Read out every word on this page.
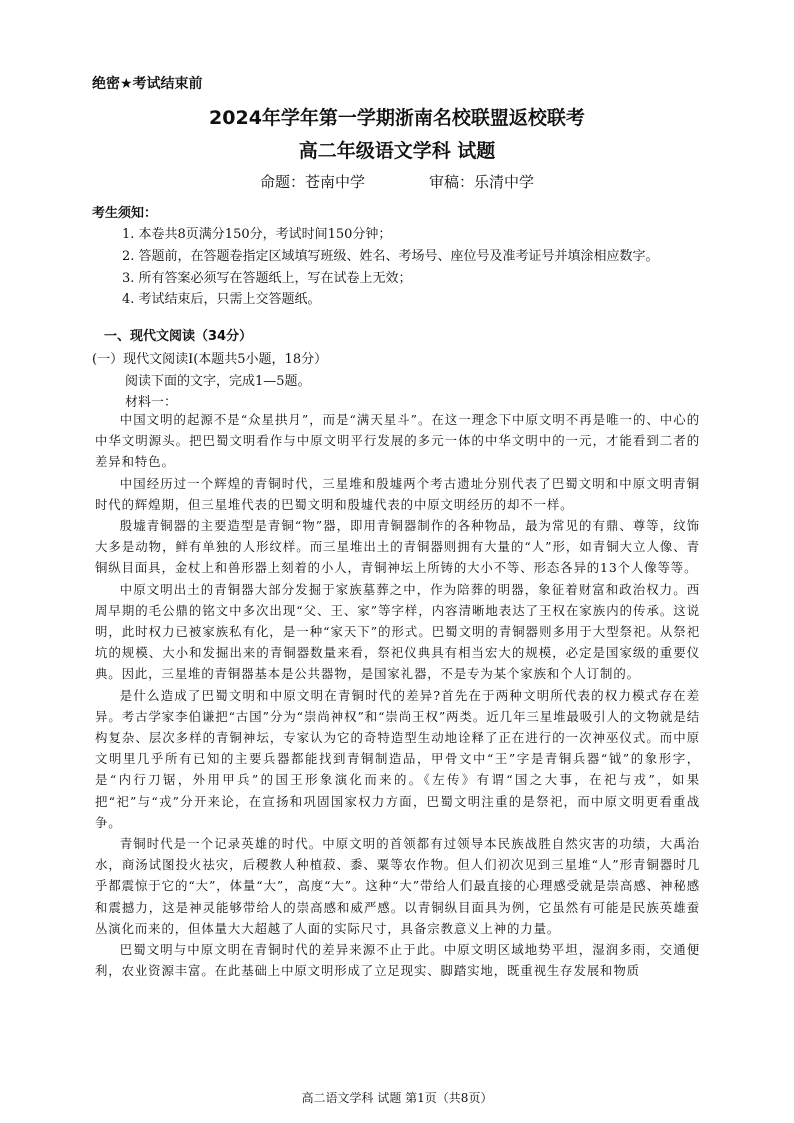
绝密★考试结束前
2024年学年第一学期浙南名校联盟返校联考
高二年级语文学科 试题
命题：苍南中学	审稿：乐清中学
考生须知：
1. 本卷共8页满分150分，考试时间150分钟；
2. 答题前，在答题卷指定区域填写班级、姓名、考场号、座位号及准考证号并填涂相应数字。
3. 所有答案必须写在答题纸上，写在试卷上无效；
4. 考试结束后，只需上交答题纸。
一、现代文阅读（34分）
(一）现代文阅读Ⅰ(本题共5小题，18分）
阅读下面的文字，完成1—5题。
材料一：

中国文明的起源不是“众星拱月”，而是“满天星斗”。在这一理念下中原文明不再是唯一的、中心的中华文明源头。把巴蜀文明看作与中原文明平行发展的多元一体的中华文明中的一元，才能看到二者的差异和特色。

中国经历过一个辉煌的青铜时代，三星堆和殷墟两个考古遗址分别代表了巴蜀文明和中原文明青铜时代的辉煌期，但三星堆代表的巴蜀文明和殷墟代表的中原文明经历的却不一样。

殷墟青铜器的主要造型是青铜“物”器，即用青铜器制作的各种物品，最为常见的有鼎、尊等，纹饰大多是动物，鲜有单独的人形纹样。而三星堆出土的青铜器则拥有大量的“人”形，如青铜大立人像、青铜纵目面具，金杖上和兽形器上刻着的小人，青铜神坛上所铸的大小不等、形态各异的13个人像等等。

中原文明出土的青铜器大部分发掘于家族墓葬之中，作为陪葬的明器，象征着财富和政治权力。西周早期的毛公鼎的铭文中多次出现“父、王、家”等字样，内容清晰地表达了王权在家族内的传承。这说明，此时权力已被家族私有化，是一种“家天下”的形式。巴蜀文明的青铜器则多用于大型祭祀。从祭祀坑的规模、大小和发掘出来的青铜器数量来看，祭祀仪典具有相当宏大的规模，必定是国家级的重要仪典。因此，三星堆的青铜器基本是公共器物，是国家礼器，不是专为某个家族和个人订制的。

是什么造成了巴蜀文明和中原文明在青铜时代的差异?首先在于两种文明所代表的权力模式存在差异。考古学家李伯谦把“古国”分为“崇尚神权”和“崇尚王权”两类。近几年三星堆最吸引人的文物就是结构复杂、层次多样的青铜神坛，专家认为它的奇特造型生动地诠释了正在进行的一次神巫仪式。而中原文明里几乎所有已知的主要兵器都能找到青铜制造品，甲骨文中“王”字是青铜兵器“钺”的象形字，是“内行刀锯，外用甲兵”的国王形象演化而来的。《左传》有谓“国之大事，在祀与戎”，如果把“祀”与“戎”分开来论，在宣扬和巩固国家权力方面，巴蜀文明注重的是祭祀，而中原文明更看重战争。

青铜时代是一个记录英雄的时代。中原文明的首领都有过领导本民族战胜自然灾害的功绩，大禹治水，商汤试图投火祛灾，后稷教人种植菽、黍、粟等农作物。但人们初次见到三星堆“人”形青铜器时几乎都震惊于它的“大”，体量“大”，高度“大”。这种“大”带给人们最直接的心理感受就是崇高感、神秘感和震撼力，这是神灵能够带给人的崇高感和威严感。以青铜纵目面具为例，它虽然有可能是民族英雄蚕丛演化而来的，但体量大大超越了人面的实际尺寸，具备宗教意义上神的力量。

巴蜀文明与中原文明在青铜时代的差异来源不止于此。中原文明区域地势平坦，湿润多雨，交通便利，农业资源丰富。在此基础上中原文明形成了立足现实、脚踏实地，既重视生存发展和物质

高二语文学科 试题 第1页（共8页）
